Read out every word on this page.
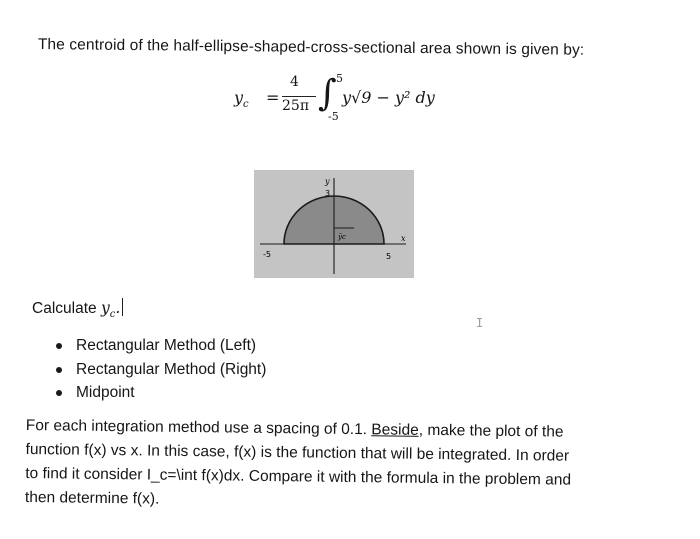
The centroid of the half-ellipse-shaped-cross-sectional area shown is given by:
$y_c$ =
4
25π ∫ 5
-5
y√9 − y² dy
y
3
ȳc	x
-5	5
Calculate $y_c$.
I
Rectangular Method (Left)
Rectangular Method (Right)
Midpoint
For each integration method use a spacing of 0.1. Beside, make the plot of the
function f(x) vs x. In this case, f(x) is the function that will be integrated. In order
to find it consider I_c=\int f(x)dx. Compare it with the formula in the problem and
then determine f(x).
